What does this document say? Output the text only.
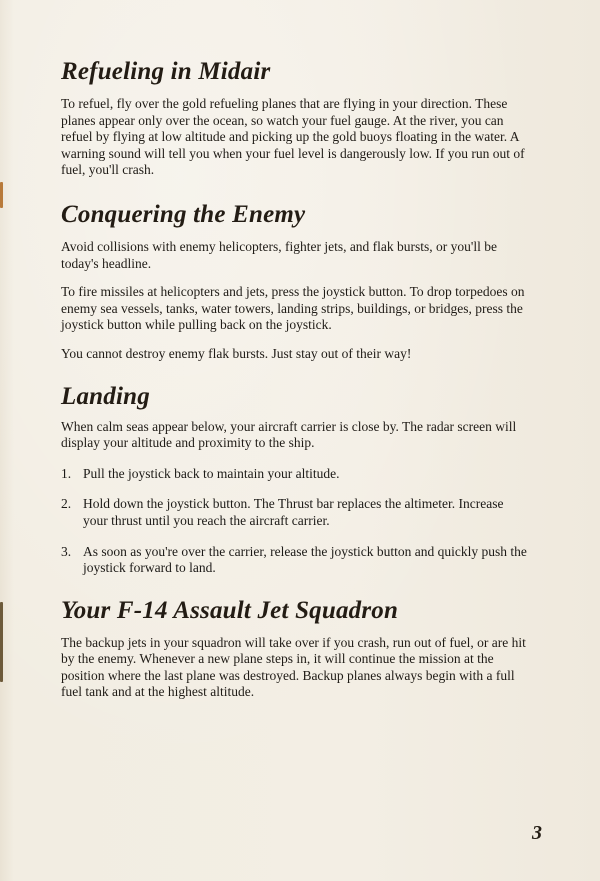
Refueling in Midair

To refuel, fly over the gold refueling planes that are flying in your direction. These planes appear only over the ocean, so watch your fuel gauge. At the river, you can refuel by flying at low altitude and picking up the gold buoys floating in the water. A warning sound will tell you when your fuel level is dangerously low. If you run out of fuel, you'll crash.

Conquering the Enemy

Avoid collisions with enemy helicopters, fighter jets, and flak bursts, or you'll be today's headline.

To fire missiles at helicopters and jets, press the joystick button. To drop torpedoes on enemy sea vessels, tanks, water towers, landing strips, buildings, or bridges, press the joystick button while pulling back on the joystick.

You cannot destroy enemy flak bursts. Just stay out of their way!

Landing

When calm seas appear below, your aircraft carrier is close by. The radar screen will display your altitude and proximity to the ship.

1. Pull the joystick back to maintain your altitude.
2. Hold down the joystick button. The Thrust bar replaces the altimeter. Increase your thrust until you reach the aircraft carrier.
3. As soon as you're over the carrier, release the joystick button and quickly push the joystick forward to land.
Your F-14 Assault Jet Squadron

The backup jets in your squadron will take over if you crash, run out of fuel, or are hit by the enemy. Whenever a new plane steps in, it will continue the mission at the position where the last plane was destroyed. Backup planes always begin with a full fuel tank and at the highest altitude.

3
